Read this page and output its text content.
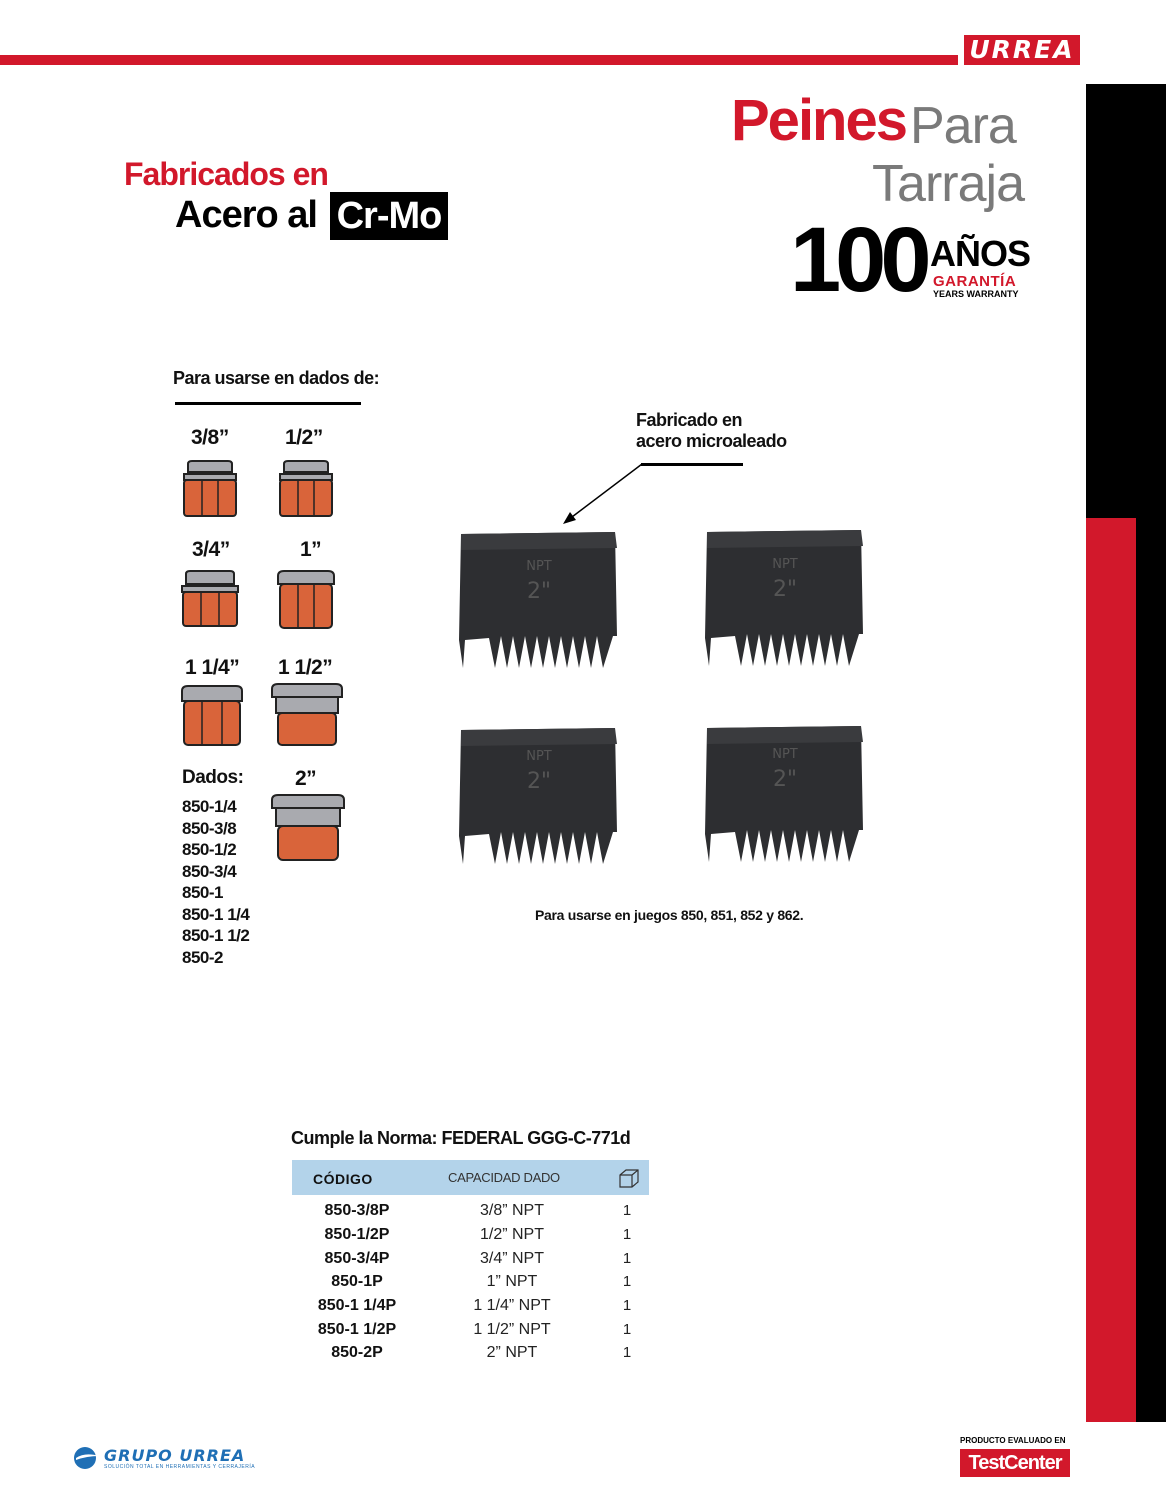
URREA
Peines Para
Tarraja
100 AÑOS
GARANTÍA
YEARS WARRANTY
Fabricados en
Acero al Cr-Mo
Para usarse en dados de:
3/8”	1/2”
3/4”	1”
1 1/4” 1 1/2”
2”
Dados:
850-1/4
850-3/8
850-1/2
850-3/4
850-1
850-1 1/4
850-1 1/2
850-2
Fabricado en
acero microaleado
NPT
2"
NPT
2"
NPT
2"
NPT
2"
Para usarse en juegos 850, 851, 852 y 862.
Cumple la Norma: FEDERAL GGG-C-771d
CÓDIGO	CAPACIDAD DADO
850-3/8P	3/8” NPT	1
850-1/2P	1/2” NPT	1
850-3/4P	3/4” NPT	1
850-1P	1” NPT	1
850-1 1/4P	1 1/4” NPT	1
850-1 1/2P	1 1/2” NPT	1
850-2P	2” NPT	1
GRUPO URREA
SOLUCIÓN TOTAL EN HERRAMIENTAS Y CERRAJERÍA
PRODUCTO EVALUADO EN
TestCenter
